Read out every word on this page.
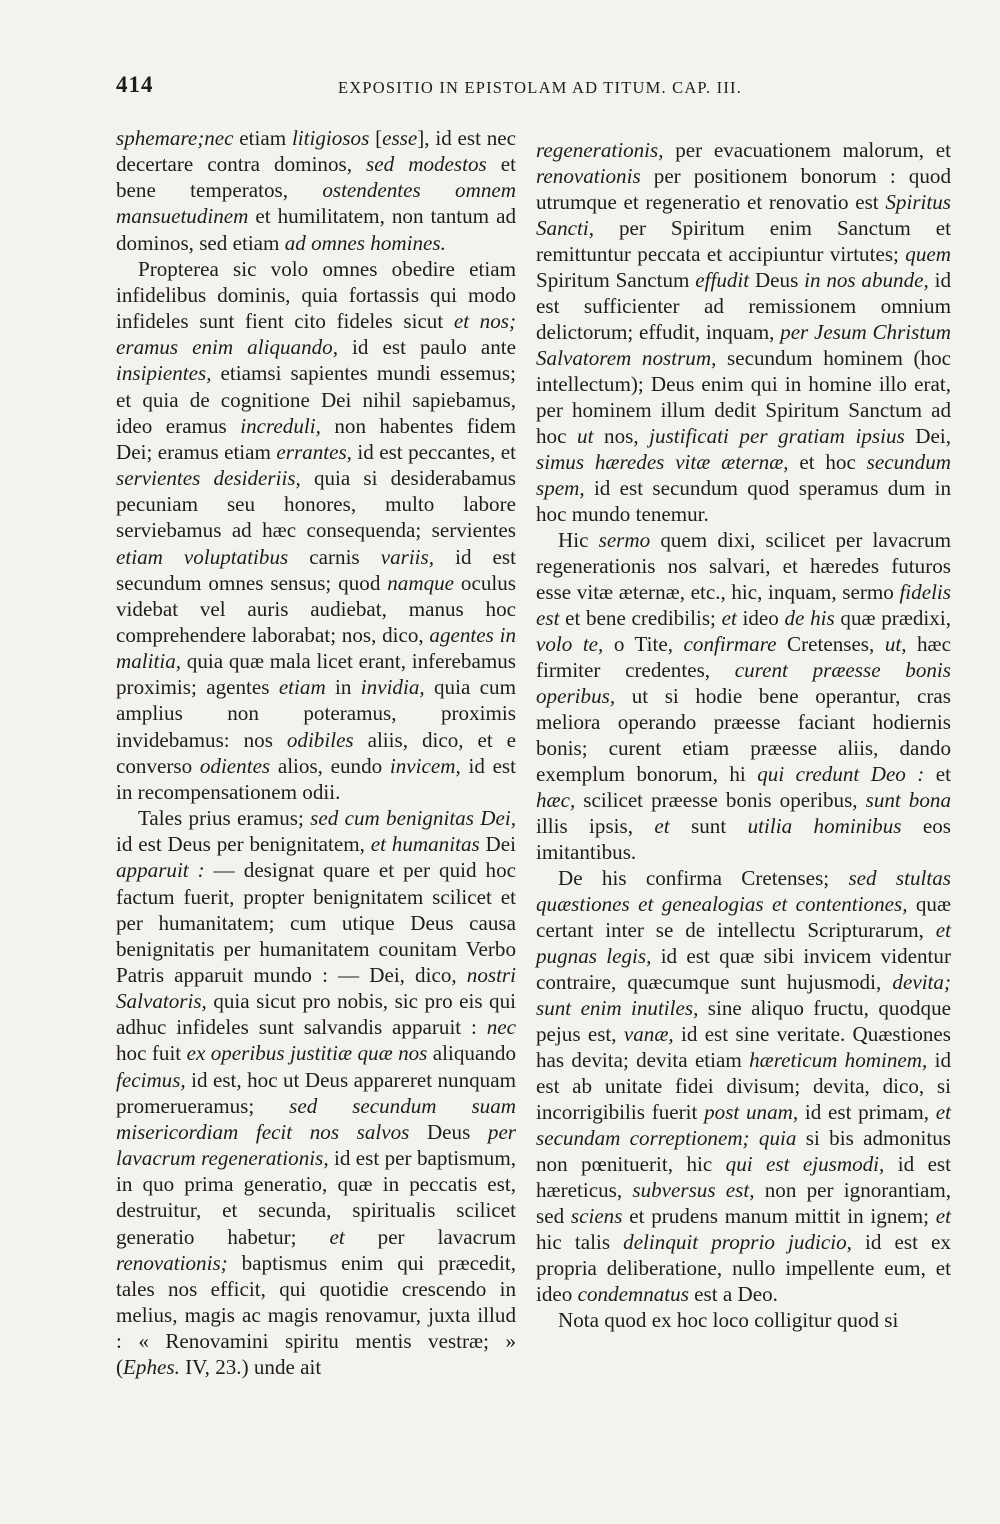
414	EXPOSITIO IN EPISTOLAM AD TITUM. CAP. III.

sphemare;nec etiam litigiosos [esse], id est nec decertare contra dominos, sed modestos et bene temperatos, ostendentes omnem mansuetudinem et humilitatem, non tantum ad dominos, sed etiam ad omnes homines.

Propterea sic volo omnes obedire etiam infidelibus dominis, quia fortassis qui modo infideles sunt fient cito fideles sicut et nos; eramus enim aliquando, id est paulo ante insipientes, etiamsi sapientes mundi essemus; et quia de cognitione Dei nihil sapiebamus, ideo eramus increduli, non habentes fidem Dei; eramus etiam errantes, id est peccantes, et servientes desideriis, quia si desiderabamus pecuniam seu honores, multo labore serviebamus ad hæc consequenda; servientes etiam voluptatibus carnis variis, id est secundum omnes sensus; quod namque oculus videbat vel auris audiebat, manus hoc comprehendere laborabat; nos, dico, agentes in malitia, quia quæ mala licet erant, inferebamus proximis; agentes etiam in invidia, quia cum amplius non poteramus, proximis invidebamus: nos odibiles aliis, dico, et e converso odientes alios, eundo invicem, id est in recompensationem odii.

Tales prius eramus; sed cum benignitas Dei, id est Deus per benignitatem, et humanitas Dei apparuit : — designat quare et per quid hoc factum fuerit, propter benignitatem scilicet et per humanitatem; cum utique Deus causa benignitatis per humanitatem counitam Verbo Patris apparuit mundo : — Dei, dico, nostri Salvatoris, quia sicut pro nobis, sic pro eis qui adhuc infideles sunt salvandis apparuit : nec hoc fuit ex operibus justitiæ quæ nos aliquando fecimus, id est, hoc ut Deus appareret nunquam promerueramus; sed secundum suam misericordiam fecit nos salvos Deus per lavacrum regenerationis, id est per baptismum, in quo prima generatio, quæ in peccatis est, destruitur, et secunda, spiritualis scilicet generatio habetur; et per lavacrum renovationis; baptismus enim qui præcedit, tales nos efficit, qui quotidie crescendo in melius, magis ac magis renovamur, juxta illud : « Renovamini spiritu mentis vestræ; » (Ephes. IV, 23.) unde ait

regenerationis, per evacuationem malorum, et renovationis per positionem bonorum : quod utrumque et regeneratio et renovatio est Spiritus Sancti, per Spiritum enim Sanctum et remittuntur peccata et accipiuntur virtutes; quem Spiritum Sanctum effudit Deus in nos abunde, id est sufficienter ad remissionem omnium delictorum; effudit, inquam, per Jesum Christum Salvatorem nostrum, secundum hominem (hoc intellectum); Deus enim qui in homine illo erat, per hominem illum dedit Spiritum Sanctum ad hoc ut nos, justificati per gratiam ipsius Dei, simus hæredes vitæ æternæ, et hoc secundum spem, id est secundum quod speramus dum in hoc mundo tenemur.

Hic sermo quem dixi, scilicet per lavacrum regenerationis nos salvari, et hæredes futuros esse vitæ æternæ, etc., hic, inquam, sermo fidelis est et bene credibilis; et ideo de his quæ prædixi, volo te, o Tite, confirmare Cretenses, ut, hæc firmiter credentes, curent præesse bonis operibus, ut si hodie bene operantur, cras meliora operando præesse faciant hodiernis bonis; curent etiam præesse aliis, dando exemplum bonorum, hi qui credunt Deo : et hæc, scilicet præesse bonis operibus, sunt bona illis ipsis, et sunt utilia hominibus eos imitantibus.

De his confirma Cretenses; sed stultas quæstiones et genealogias et contentiones, quæ certant inter se de intellectu Scripturarum, et pugnas legis, id est quæ sibi invicem videntur contraire, quæcumque sunt hujusmodi, devita; sunt enim inutiles, sine aliquo fructu, quodque pejus est, vanæ, id est sine veritate. Quæstiones has devita; devita etiam hæreticum hominem, id est ab unitate fidei divisum; devita, dico, si incorrigibilis fuerit post unam, id est primam, et secundam correptionem; quia si bis admonitus non pœnituerit, hic qui est ejusmodi, id est hæreticus, subversus est, non per ignorantiam, sed sciens et prudens manum mittit in ignem; et hic talis delinquit proprio judicio, id est ex propria deliberatione, nullo impellente eum, et ideo condemnatus est a Deo.

Nota quod ex hoc loco colligitur quod si
